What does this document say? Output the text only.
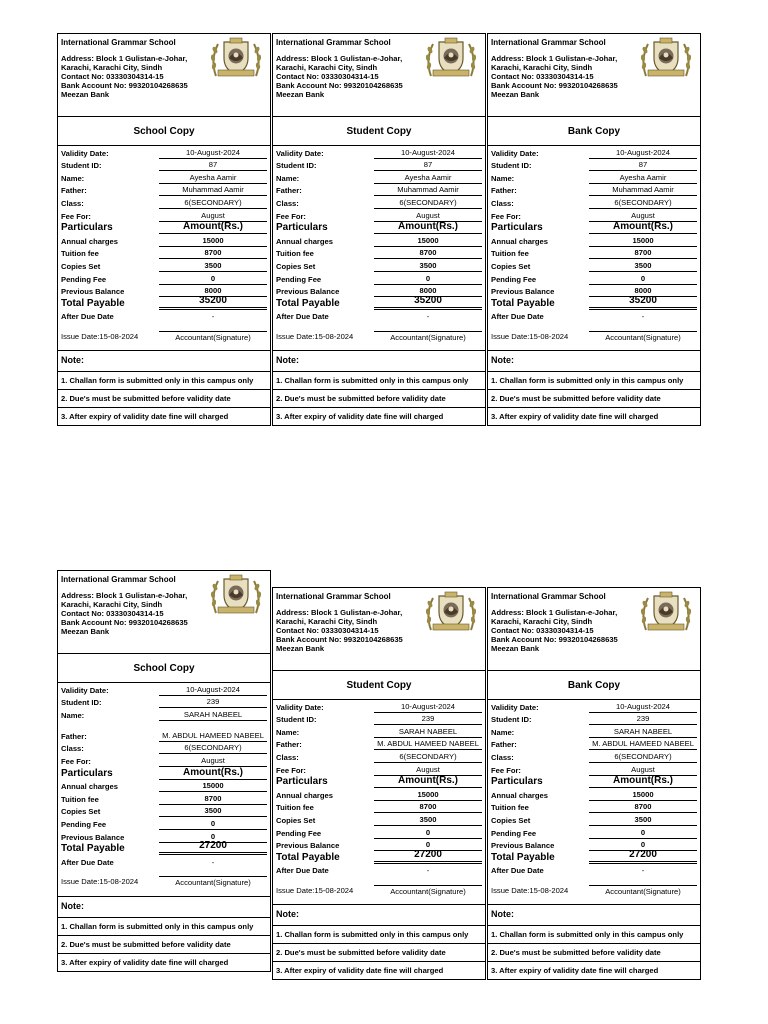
International Grammar School
Address: Block 1 Gulistan-e-Johar,
Karachi, Karachi City, Sindh
Contact No: 03330304314-15
Bank Account No: 99320104268635
Meezan Bank
School Copy
Validity Date:	10-August-2024
Student ID:	87
Name:	Ayesha Aamir
Father:	Muhammad Aamir
Class:	6(SECONDARY)
Fee For:	August
Particulars	Amount(Rs.)
Annual charges	15000
Tuition fee	8700
Copies Set	3500
Pending Fee	0
Previous Balance	8000
Total Payable	35200
After Due Date	-
Issue Date:15-08-2024	Accountant(Signature)
Note:
1. Challan form is submitted only in this campus only
2. Due's must be submitted before validity date
3. After expiry of validity date fine will charged
International Grammar School
Address: Block 1 Gulistan-e-Johar,
Karachi, Karachi City, Sindh
Contact No: 03330304314-15
Bank Account No: 99320104268635
Meezan Bank
Student Copy
Validity Date:	10-August-2024
Student ID:	87
Name:	Ayesha Aamir
Father:	Muhammad Aamir
Class:	6(SECONDARY)
Fee For:	August
Particulars	Amount(Rs.)
Annual charges	15000
Tuition fee	8700
Copies Set	3500
Pending Fee	0
Previous Balance	8000
Total Payable	35200
After Due Date	-
Issue Date:15-08-2024	Accountant(Signature)
Note:
1. Challan form is submitted only in this campus only
2. Due's must be submitted before validity date
3. After expiry of validity date fine will charged
International Grammar School
Address: Block 1 Gulistan-e-Johar,
Karachi, Karachi City, Sindh
Contact No: 03330304314-15
Bank Account No: 99320104268635
Meezan Bank
Bank Copy
Validity Date:	10-August-2024
Student ID:	87
Name:	Ayesha Aamir
Father:	Muhammad Aamir
Class:	6(SECONDARY)
Fee For:	August
Particulars	Amount(Rs.)
Annual charges	15000
Tuition fee	8700
Copies Set	3500
Pending Fee	0
Previous Balance	8000
Total Payable	35200
After Due Date	-
Issue Date:15-08-2024	Accountant(Signature)
Note:
1. Challan form is submitted only in this campus only
2. Due's must be submitted before validity date
3. After expiry of validity date fine will charged
International Grammar School
Address: Block 1 Gulistan-e-Johar,
Karachi, Karachi City, Sindh
Contact No: 03330304314-15
Bank Account No: 99320104268635
Meezan Bank
School Copy
Validity Date:	10-August-2024
Student ID:	239
Name:	SARAH NABEEL
Father:	M. ABDUL HAMEED NABEEL
Class:	6(SECONDARY)
Fee For:	August
Particulars	Amount(Rs.)
Annual charges	15000
Tuition fee	8700
Copies Set	3500
Pending Fee	0
Previous Balance	0
Total Payable	27200
After Due Date	-
Issue Date:15-08-2024	Accountant(Signature)
Note:
1. Challan form is submitted only in this campus only
2. Due's must be submitted before validity date
3. After expiry of validity date fine will charged
International Grammar School
Address: Block 1 Gulistan-e-Johar,
Karachi, Karachi City, Sindh
Contact No: 03330304314-15
Bank Account No: 99320104268635
Meezan Bank
Student Copy
Validity Date:	10-August-2024
Student ID:	239
Name:	SARAH NABEEL
Father:	M. ABDUL HAMEED NABEEL
Class:	6(SECONDARY)
Fee For:	August
Particulars	Amount(Rs.)
Annual charges	15000
Tuition fee	8700
Copies Set	3500
Pending Fee	0
Previous Balance	0
Total Payable	27200
After Due Date	-
Issue Date:15-08-2024	Accountant(Signature)
Note:
1. Challan form is submitted only in this campus only
2. Due's must be submitted before validity date
3. After expiry of validity date fine will charged
International Grammar School
Address: Block 1 Gulistan-e-Johar,
Karachi, Karachi City, Sindh
Contact No: 03330304314-15
Bank Account No: 99320104268635
Meezan Bank
Bank Copy
Validity Date:	10-August-2024
Student ID:	239
Name:	SARAH NABEEL
Father:	M. ABDUL HAMEED NABEEL
Class:	6(SECONDARY)
Fee For:	August
Particulars	Amount(Rs.)
Annual charges	15000
Tuition fee	8700
Copies Set	3500
Pending Fee	0
Previous Balance	0
Total Payable	27200
After Due Date	-
Issue Date:15-08-2024	Accountant(Signature)
Note:
1. Challan form is submitted only in this campus only
2. Due's must be submitted before validity date
3. After expiry of validity date fine will charged
